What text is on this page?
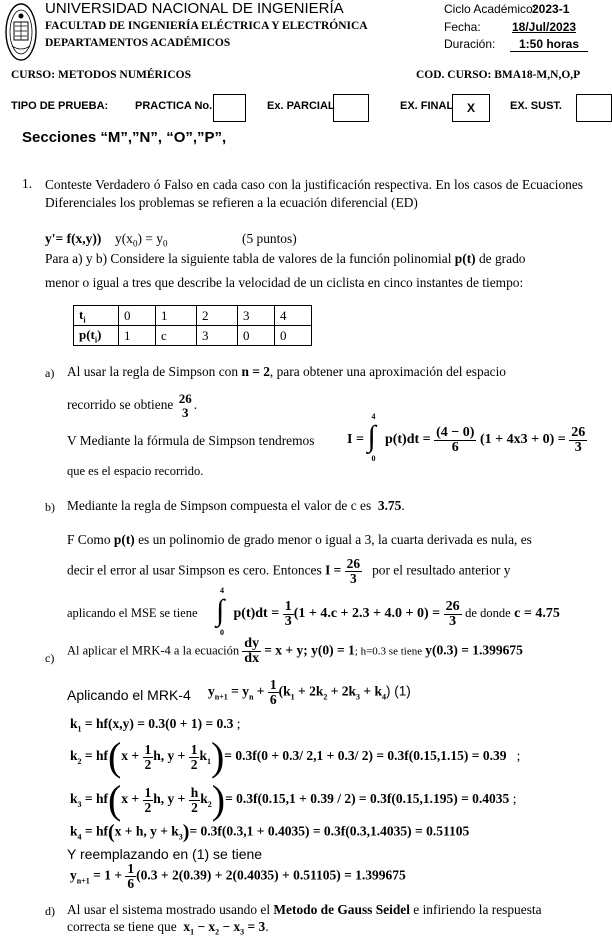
UNIVERSIDAD NACIONAL DE INGENIERÍA
FACULTAD DE INGENIERÍA ELÉCTRICA Y ELECTRÓNICA
DEPARTAMENTOS ACADÉMICOS
Ciclo Académico:
2023-1
Fecha:	18/Jul/2023
Duración:	1:50 horas
CURSO: METODOS NUMÉRICOS	COD. CURSO: BMA18-M,N,O,P
TIPO DE PRUEBA: PRACTICA No.	Ex. PARCIAL	EX. FINAL	X	EX. SUST.
Secciones “M”,”N”, “O”,”P”,
1. Conteste Verdadero ó Falso en cada caso con la justificación respectiva. En los casos de Ecuaciones Diferenciales los problemas se refieren a la ecuación diferencial (ED)
y'= f(x,y)) $y(x_0) = y_0$	(5 puntos)
Para a) y b) Considere la siguiente tabla de valores de la función polinomial p(t) de grado
menor o igual a tres que describe la velocidad de un ciclista en cinco instantes de tiempo:
$t_i$	0	1	2	3	4
$p(t_i)$	1	c	3	0	0
a) Al usar la regla de Simpson con n = 2, para obtener una aproximación del espacio
recorrido se obtiene 26
3
.
V Mediante la fórmula de Simpson tendremos I = ∫
4
0
$p(t)dt = \frac{(4 - 0)}{6} (1 + 4x3 + 0) = \frac{26}{3}$
que es el espacio recorrido.
b) Mediante la regla de Simpson compuesta el valor de c es 3.75.
F Como p(t) es un polinomio de grado menor o igual a 3, la cuarta derivada es nula, es
decir el error al usar Simpson es cero. Entonces $I = \frac{26}{3}$ por el resultado anterior y
aplicando el MSE se tiene ∫
4
0
$p(t)dt = \frac{1}{3} (1 + 4.c + 2.3 + 4.0 + 0) = \frac{26}{3}$ de donde c = 4.75
c)
Al aplicar el MRK-4 a la ecuación $\frac{dy}{dx} = x + y$; y(0) = 1; h=0.3 se tiene y(0.3) = 1.399675
Aplicando el MRK-4 $y_{n+1} = y_n + \frac{1}{6} (k_1 + 2k_2 + 2k_3 + k_4)$ (1)
$k_1 = hf(x,y) = 0.3(0 + 1) = 0.3$ ;
$k_2 = hf(x + \frac{1}{2} h$, $y + \frac{1}{2} k_1)= 0.3f(0 + 0.3/$ 2,1 + 0.3/ 2) = 0.3f(0.15,1.15) = 0.39 ;
$k_3 = hf(x + \frac{1}{2} h$, $y + \frac{h}{2} k_2)= 0.3f(0.15,1 + 0.39 / 2) = 0.3f(0.15,1.195) = 0.4035$ ;
$k_4 = hf(x + h$, $y + k_3)= 0.3f(0.3,1 + 0.4035) = 0.3f(0.3,1.4035) = 0.51105$
Y reemplazando en (1) se tiene
$y_{n+1} = 1 + \frac{1}{6} (0.3 + 2(0.39) + 2(0.4035) + 0.51105) = 1.399675$
d) Al usar el sistema mostrado usando el Metodo de Gauss Seidel e infiriendo la respuesta
correcta se tiene que $x_1 - x_2 - x_3 = 3$.
